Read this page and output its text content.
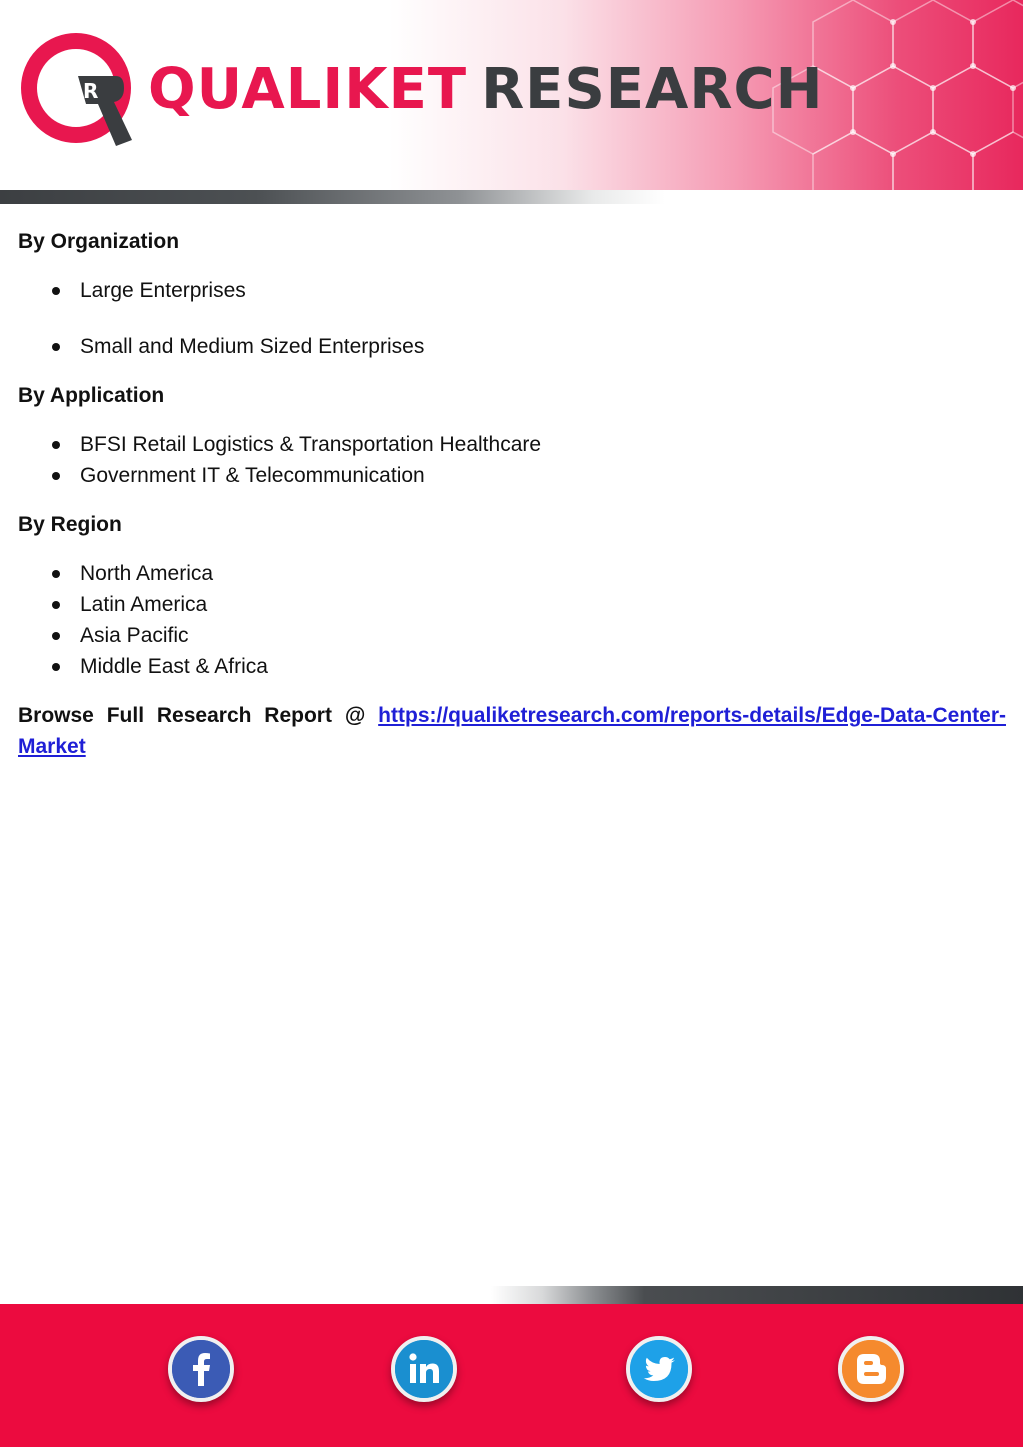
R QUALIKET RESEARCH
By Organization
Large Enterprises
Small and Medium Sized Enterprises
By Application
BFSI Retail Logistics & Transportation Healthcare
Government IT & Telecommunication
By Region
North America
Latin America
Asia Pacific
Middle East & Africa

Browse Full Research Report @ https://qualiketresearch.com/reports-details/Edge-Data-Center-Market
